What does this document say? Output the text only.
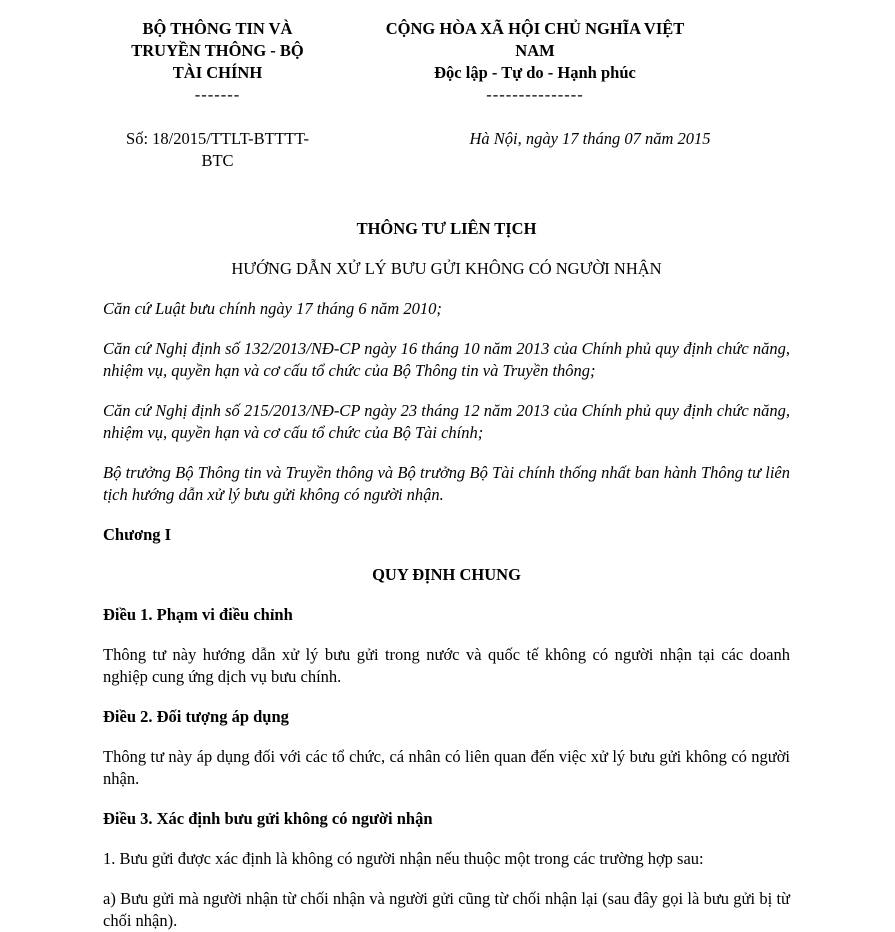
BỘ THÔNG TIN VÀ TRUYỀN THÔNG - BỘ TÀI CHÍNH
-------
Số: 18/2015/TTLT-BTTTT-BTC
CỘNG HÒA XÃ HỘI CHỦ NGHĨA VIỆT NAM
Độc lập - Tự do - Hạnh phúc
---------------
Hà Nội, ngày 17 tháng 07 năm 2015
THÔNG TƯ LIÊN TỊCH
HƯỚNG DẪN XỬ LÝ BƯU GỬI KHÔNG CÓ NGƯỜI NHẬN

Căn cứ Luật bưu chính ngày 17 tháng 6 năm 2010;

Căn cứ Nghị định số 132/2013/NĐ-CP ngày 16 tháng 10 năm 2013 của Chính phủ quy định chức năng, nhiệm vụ, quyền hạn và cơ cấu tổ chức của Bộ Thông tin và Truyền thông;

Căn cứ Nghị định số 215/2013/NĐ-CP ngày 23 tháng 12 năm 2013 của Chính phủ quy định chức năng, nhiệm vụ, quyền hạn và cơ cấu tổ chức của Bộ Tài chính;

Bộ trưởng Bộ Thông tin và Truyền thông và Bộ trưởng Bộ Tài chính thống nhất ban hành Thông tư liên tịch hướng dẫn xử lý bưu gửi không có người nhận.

Chương I

QUY ĐỊNH CHUNG

Điều 1. Phạm vi điều chỉnh

Thông tư này hướng dẫn xử lý bưu gửi trong nước và quốc tế không có người nhận tại các doanh nghiệp cung ứng dịch vụ bưu chính.

Điều 2. Đối tượng áp dụng

Thông tư này áp dụng đối với các tổ chức, cá nhân có liên quan đến việc xử lý bưu gửi không có người nhận.

Điều 3. Xác định bưu gửi không có người nhận

1. Bưu gửi được xác định là không có người nhận nếu thuộc một trong các trường hợp sau:

a) Bưu gửi mà người nhận từ chối nhận và người gửi cũng từ chối nhận lại (sau đây gọi là bưu gửi bị từ chối nhận).
